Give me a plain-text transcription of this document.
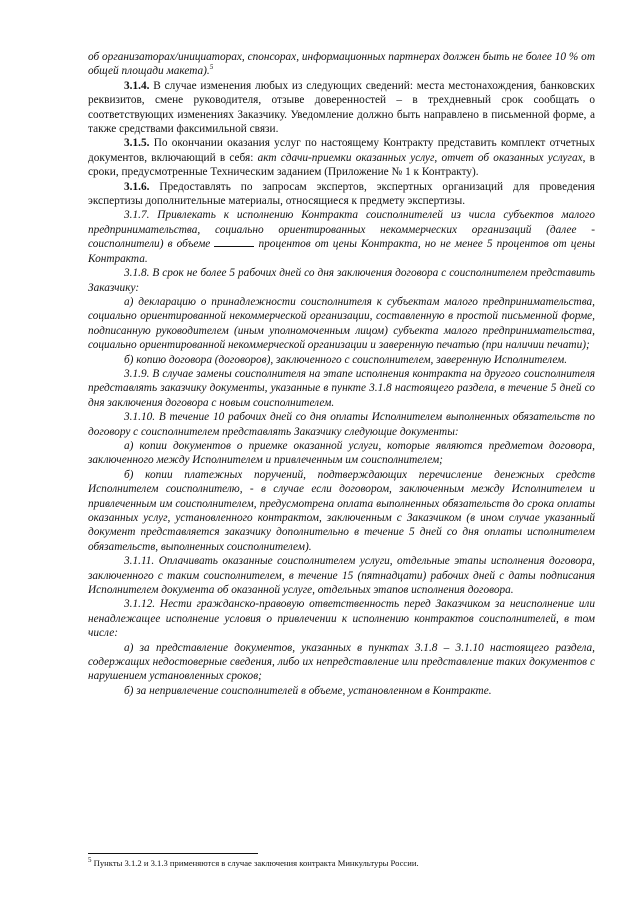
об организаторах/инициаторах, спонсорах, информационных партнерах должен быть не более 10 % от общей площади макета).$^5$

3.1.4. В случае изменения любых из следующих сведений: места местонахождения, банковских реквизитов, смене руководителя, отзыве доверенностей – в трехдневный срок сообщать о соответствующих изменениях Заказчику. Уведомление должно быть направлено в письменной форме, а также средствами факсимильной связи.

3.1.5. По окончании оказания услуг по настоящему Контракту представить комплект отчетных документов, включающий в себя: акт сдачи-приемки оказанных услуг, отчет об оказанных услугах, в сроки, предусмотренные Техническим заданием (Приложение № 1 к Контракту).

3.1.6. Предоставлять по запросам экспертов, экспертных организаций для проведения экспертизы дополнительные материалы, относящиеся к предмету экспертизы.

3.1.7. Привлекать к исполнению Контракта соисполнителей из числа субъектов малого предпринимательства, социально ориентированных некоммерческих организаций (далее - соисполнители) в объеме	процентов от цены Контракта, но не менее 5 процентов от цены Контракта.

3.1.8. В срок не более 5 рабочих дней со дня заключения договора с соисполнителем представить Заказчику:

а) декларацию о принадлежности соисполнителя к субъектам малого предпринимательства, социально ориентированной некоммерческой организации, составленную в простой письменной форме, подписанную руководителем (иным уполномоченным лицом) субъекта малого предпринимательства, социально ориентированной некоммерческой организации и заверенную печатью (при наличии печати);

б) копию договора (договоров), заключенного с соисполнителем, заверенную Исполнителем.

3.1.9. В случае замены соисполнителя на этапе исполнения контракта на другого соисполнителя представлять заказчику документы, указанные в пункте 3.1.8 настоящего раздела, в течение 5 дней со дня заключения договора с новым соисполнителем.

3.1.10. В течение 10 рабочих дней со дня оплаты Исполнителем выполненных обязательств по договору с соисполнителем представлять Заказчику следующие документы:

а) копии документов о приемке оказанной услуги, которые являются предметом договора, заключенного между Исполнителем и привлеченным им соисполнителем;

б) копии платежных поручений, подтверждающих перечисление денежных средств Исполнителем соисполнителю, - в случае если договором, заключенным между Исполнителем и привлеченным им соисполнителем, предусмотрена оплата выполненных обязательств до срока оплаты оказанных услуг, установленного контрактом, заключенным с Заказчиком (в ином случае указанный документ представляется заказчику дополнительно в течение 5 дней со дня оплаты исполнителем обязательств, выполненных соисполнителем).

3.1.11. Оплачивать оказанные соисполнителем услуги, отдельные этапы исполнения договора, заключенного с таким соисполнителем, в течение 15 (пятнадцати) рабочих дней с даты подписания Исполнителем документа об оказанной услуге, отдельных этапов исполнения договора.

3.1.12. Нести гражданско-правовую ответственность перед Заказчиком за неисполнение или ненадлежащее исполнение условия о привлечении к исполнению контрактов соисполнителей, в том числе:

а) за представление документов, указанных в пунктах 3.1.8 – 3.1.10 настоящего раздела, содержащих недостоверные сведения, либо их непредставление или представление таких документов с нарушением установленных сроков;

б) за непривлечение соисполнителей в объеме, установленном в Контракте.

$^5$ Пункты 3.1.2 и 3.1.3 применяются в случае заключения контракта Минкультуры России.
